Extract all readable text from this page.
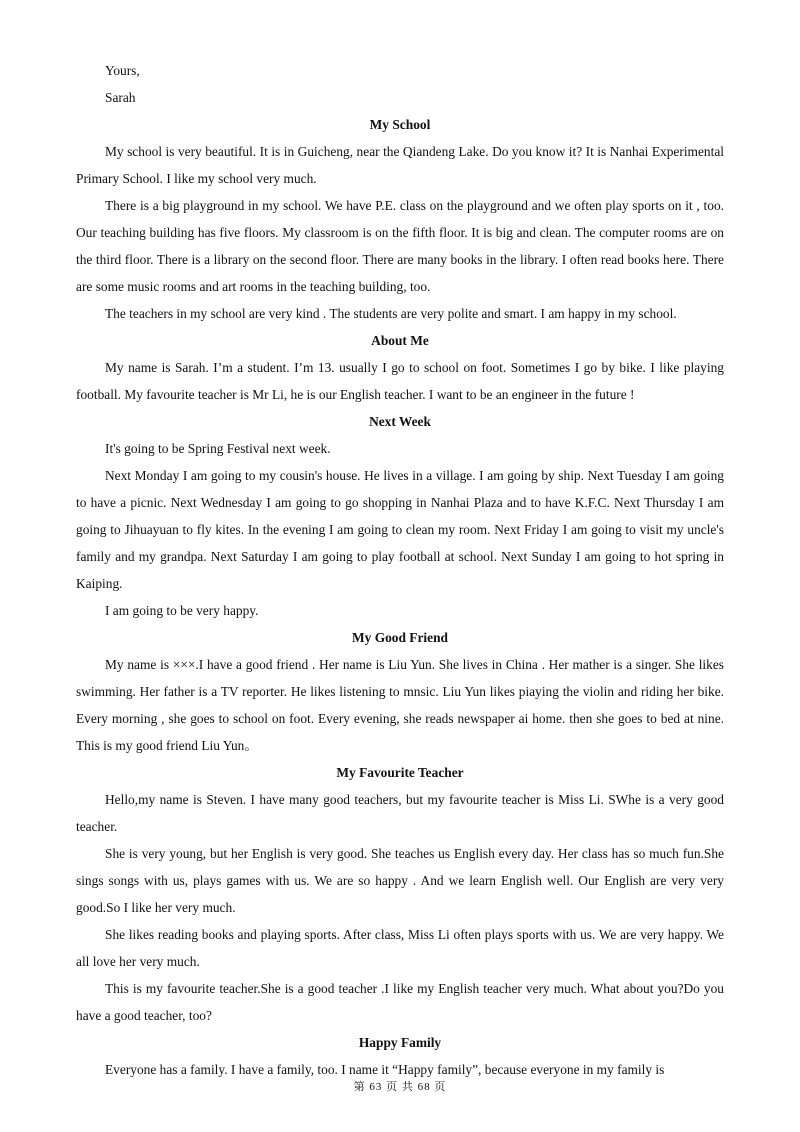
Yours,
Sarah
My School

My school is very beautiful. It is in Guicheng, near the Qiandeng Lake. Do you know it? It is Nanhai Experimental Primary School. I like my school very much.

There is a big playground in my school. We have P.E. class on the playground and we often play sports on it , too. Our teaching building has five floors. My classroom is on the fifth floor. It is big and clean. The computer rooms are on the third floor. There is a library on the second floor. There are many books in the library. I often read books here. There are some music rooms and art rooms in the teaching building, too.

The teachers in my school are very kind . The students are very polite and smart. I am happy in my school.

About Me

My name is Sarah. I’m a student. I’m 13. usually I go to school on foot. Sometimes I go by bike. I like playing football. My favourite teacher is Mr Li, he is our English teacher. I want to be an engineer in the future !

Next Week

It's going to be Spring Festival next week.

Next Monday I am going to my cousin's house. He lives in a village. I am going by ship. Next Tuesday I am going to have a picnic. Next Wednesday I am going to go shopping in Nanhai Plaza and to have K.F.C. Next Thursday I am going to Jihuayuan to fly kites. In the evening I am going to clean my room. Next Friday I am going to visit my uncle's family and my grandpa. Next Saturday I am going to play football at school. Next Sunday I am going to hot spring in Kaiping.

I am going to be very happy.

My Good Friend

My name is ×××.I have a good friend . Her name is Liu Yun. She lives in China . Her mather is a singer. She likes swimming. Her father is a TV reporter. He likes listening to mnsic. Liu Yun likes piaying the violin and riding her bike. Every morning , she goes to school on foot. Every evening, she reads newspaper ai home. then she goes to bed at nine. This is my good friend Liu Yun。

My Favourite Teacher

Hello,my name is Steven. I have many good teachers, but my favourite teacher is Miss Li. SWhe is a very good teacher.

She is very young, but her English is very good. She teaches us English every day. Her class has so much fun.She sings songs with us, plays games with us. We are so happy . And we learn English well. Our English are very very good.So I like her very much.

She likes reading books and playing sports. After class, Miss Li often plays sports with us. We are very happy. We all love her very much.

This is my favourite teacher.She is a good teacher .I like my English teacher very much. What about you?Do you have a good teacher, too?

Happy Family

Everyone has a family. I have a family, too. I name it “Happy family”, because everyone in my family is

第 63 页 共 68 页
